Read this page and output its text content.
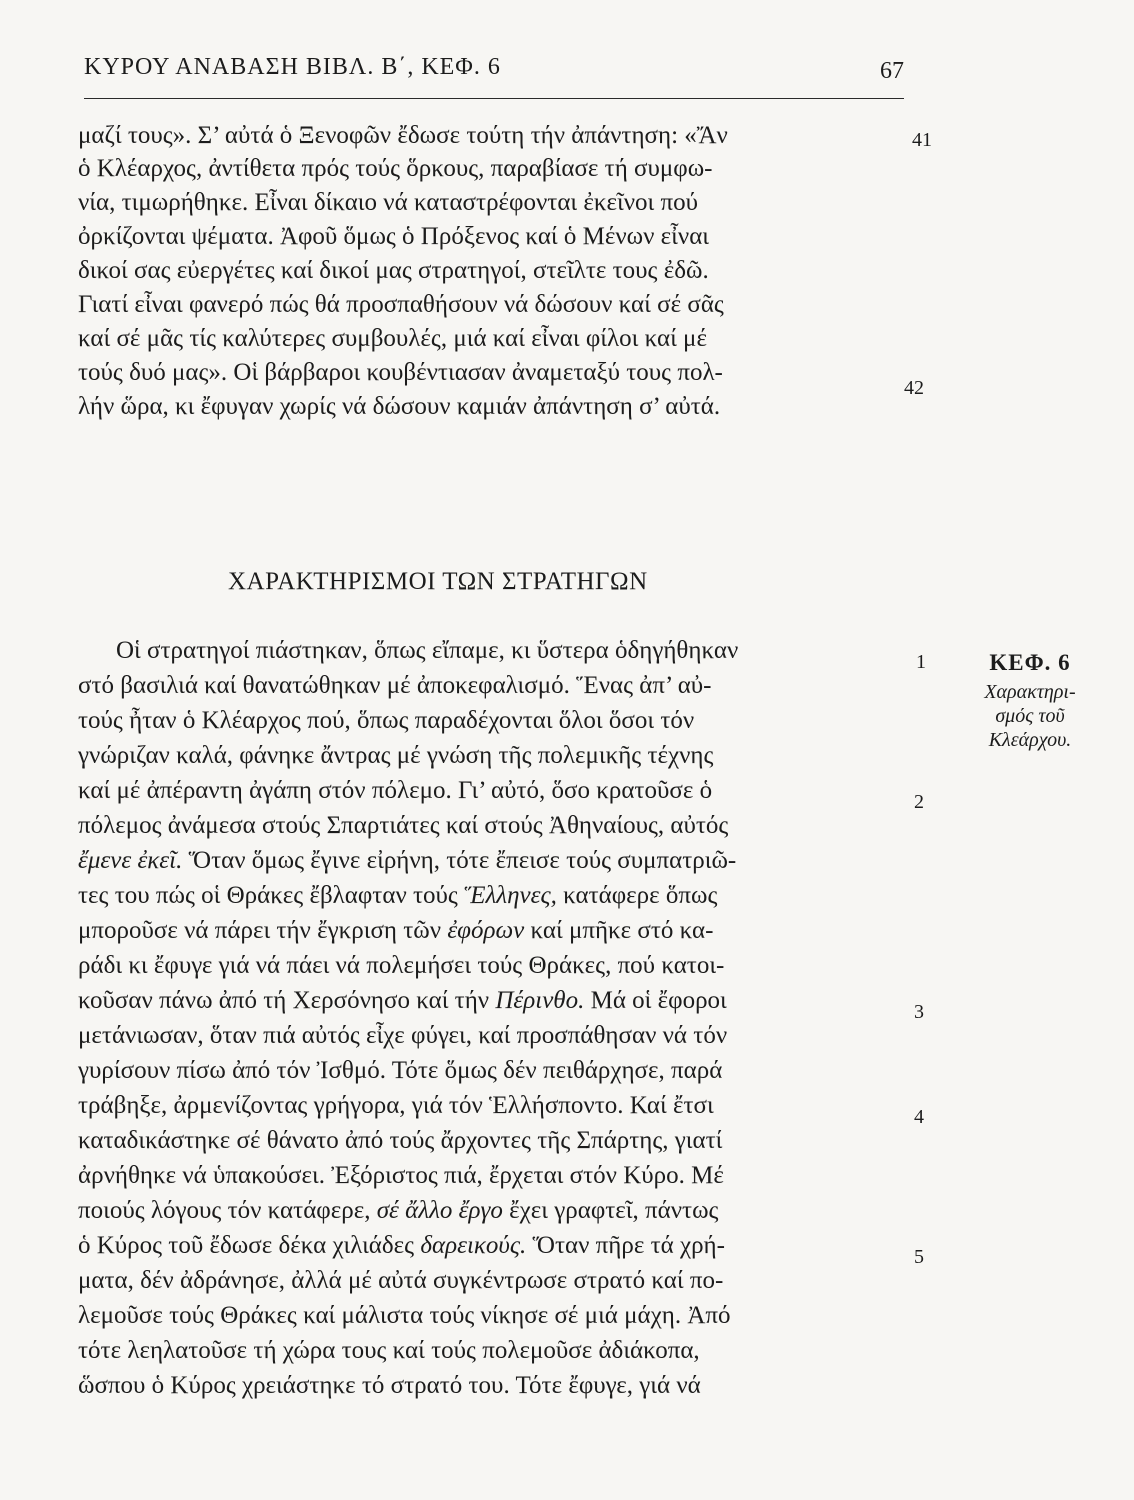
ΚΥΡΟΥ ΑΝΑΒΑΣΗ ΒΙΒΛ. Β΄, ΚΕΦ. 6	67
μαζί τους». Σ’ αὐτά ὁ Ξενοφῶν ἔδωσε τούτη τήν ἀπάντηση: «Ἄν
ὁ Κλέαρχος, ἀντίθετα πρός τούς ὅρκους, παραβίασε τή συμφω-
νία, τιμωρήθηκε. Εἶναι δίκαιο νά καταστρέφονται ἐκεῖνοι πού
ὀρκίζονται ψέματα. Ἀφοῦ ὅμως ὁ Πρόξενος καί ὁ Μένων εἶναι
δικοί σας εὐεργέτες καί δικοί μας στρατηγοί, στεῖλτε τους ἐδῶ.
Γιατί εἶναι φανερό πώς θά προσπαθήσουν νά δώσουν καί σέ σᾶς
καί σέ μᾶς τίς καλύτερες συμβουλές, μιά καί εἶναι φίλοι καί μέ
τούς δυό μας». Οἱ βάρβαροι κουβέντιασαν ἀναμεταξύ τους πολ-
λήν ὥρα, κι ἔφυγαν χωρίς νά δώσουν καμιάν ἀπάντηση σ’ αὐτά.
41
42
ΧΑΡΑΚΤΗΡΙΣΜΟΙ ΤΩΝ ΣΤΡΑΤΗΓΩΝ
Οἱ στρατηγοί πιάστηκαν, ὅπως εἴπαμε, κι ὕστερα ὁδηγήθηκαν
στό βασιλιά καί θανατώθηκαν μέ ἀποκεφαλισμό. Ἕνας ἀπ’ αὐ-
τούς ἦταν ὁ Κλέαρχος πού, ὅπως παραδέχονται ὅλοι ὅσοι τόν
γνώριζαν καλά, φάνηκε ἄντρας μέ γνώση τῆς πολεμικῆς τέχνης
καί μέ ἀπέραντη ἀγάπη στόν πόλεμο. Γι’ αὐτό, ὅσο κρατοῦσε ὁ
πόλεμος ἀνάμεσα στούς Σπαρτιάτες καί στούς Ἀθηναίους, αὐτός
ἔμενε ἐκεῖ. Ὅταν ὅμως ἔγινε εἰρήνη, τότε ἔπεισε τούς συμπατριῶ-
τες του πώς οἱ Θράκες ἔβλαφταν τούς Ἕλληνες, κατάφερε ὅπως
μποροῦσε νά πάρει τήν ἔγκριση τῶν ἐφόρων καί μπῆκε στό κα-
ράδι κι ἔφυγε γιά νά πάει νά πολεμήσει τούς Θράκες, πού κατοι-
κοῦσαν πάνω ἀπό τή Χερσόνησο καί τήν Πέρινθο. Μά οἱ ἔφοροι
μετάνιωσαν, ὅταν πιά αὐτός εἶχε φύγει, καί προσπάθησαν νά τόν
γυρίσουν πίσω ἀπό τόν Ἰσθμό. Τότε ὅμως δέν πειθάρχησε, παρά
τράβηξε, ἀρμενίζοντας γρήγορα, γιά τόν Ἑλλήσποντο. Καί ἔτσι
καταδικάστηκε σέ θάνατο ἀπό τούς ἄρχοντες τῆς Σπάρτης, γιατί
ἀρνήθηκε νά ὑπακούσει. Ἐξόριστος πιά, ἔρχεται στόν Κύρο. Μέ
ποιούς λόγους τόν κατάφερε, σέ ἄλλο ἔργο ἔχει γραφτεῖ, πάντως
ὁ Κύρος τοῦ ἔδωσε δέκα χιλιάδες δαρεικούς. Ὅταν πῆρε τά χρή-
ματα, δέν ἀδράνησε, ἀλλά μέ αὐτά συγκέντρωσε στρατό καί πο-
λεμοῦσε τούς Θράκες καί μάλιστα τούς νίκησε σέ μιά μάχη. Ἀπό
τότε λεηλατοῦσε τή χώρα τους καί τούς πολεμοῦσε ἀδιάκοπα,
ὥσπου ὁ Κύρος χρειάστηκε τό στρατό του. Τότε ἔφυγε, γιά νά
1
2
3
4
5
ΚΕΦ. 6
Χαρακτηρι-
σμός τοῦ
Κλεάρχου.
